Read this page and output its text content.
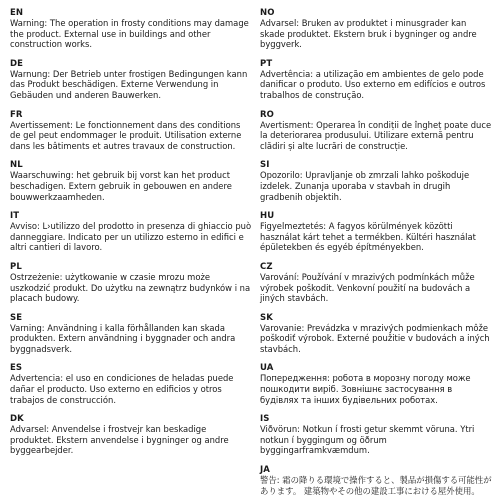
EN
Warning: The operation in frosty conditions may damage the product. External use in buildings and other construction works.
DE
Warnung: Der Betrieb unter frostigen Bedingungen kann das Produkt beschädigen. Externe Verwendung in Gebäuden und anderen Bauwerken.
FR
Avertissement: Le fonctionnement dans des conditions de gel peut endommager le produit. Utilisation externe dans les bâtiments et autres travaux de construction.
NL
Waarschuwing: het gebruik bij vorst kan het product beschadigen. Extern gebruik in gebouwen en andere bouwwerkzaamheden.
IT
Avviso: L›utilizzo del prodotto in presenza di ghiaccio può danneggiare. Indicato per un utilizzo esterno in edifici e altri cantieri di lavoro.
PL
Ostrzeżenie: użytkowanie w czasie mrozu może uszkodzić produkt. Do użytku na zewnątrz budynków i na placach budowy.
SE
Varning: Användning i kalla förhållanden kan skada produkten. Extern användning i byggnader och andra byggnadsverk.
ES
Advertencia: el uso en condiciones de heladas puede dañar el producto. Uso externo en edificios y otros trabajos de construcción.
DK
Advarsel: Anvendelse i frostvejr kan beskadige produktet. Ekstern anvendelse i bygninger og andre byggearbejder.
NO
Advarsel: Bruken av produktet i minusgrader kan skade produktet. Ekstern bruk i bygninger og andre byggverk.
PT
Advertência: a utilização em ambientes de gelo pode danificar o produto. Uso externo em edifícios e outros trabalhos de construção.
RO
Avertisment: Operarea în condiții de îngheț poate duce la deteriorarea produsului. Utilizare externă pentru clădiri și alte lucrări de construcție.
SI
Opozorilo: Upravljanje ob zmrzali lahko poškoduje izdelek. Zunanja uporaba v stavbah in drugih gradbenih objektih.
HU
Figyelmeztetés: A fagyos körülmények közötti használat kárt tehet a termékben. Kültéri használat épületekben és egyéb építményekben.
CZ
Varování: Používání v mrazivých podmínkách může výrobek poškodit. Venkovní použití na budovách a jiných stavbách.
SK
Varovanie: Prevádzka v mrazivých podmienkach môže poškodiť výrobok. Externé použitie v budovách a iných stavbách.
UA
Попередження: робота в морозну погоду може пошкодити виріб. Зовнішнє застосування в будівлях та інших будівельних роботах.
IS
Viðvörun: Notkun í frosti getur skemmt vöruna. Ytri notkun í byggingum og öðrum byggingarframkvæmdum.
JA
警告: 霜の降りる環境で操作すると、製品が損傷する可能性があります。 建築物やその他の建設工事における屋外使用。
